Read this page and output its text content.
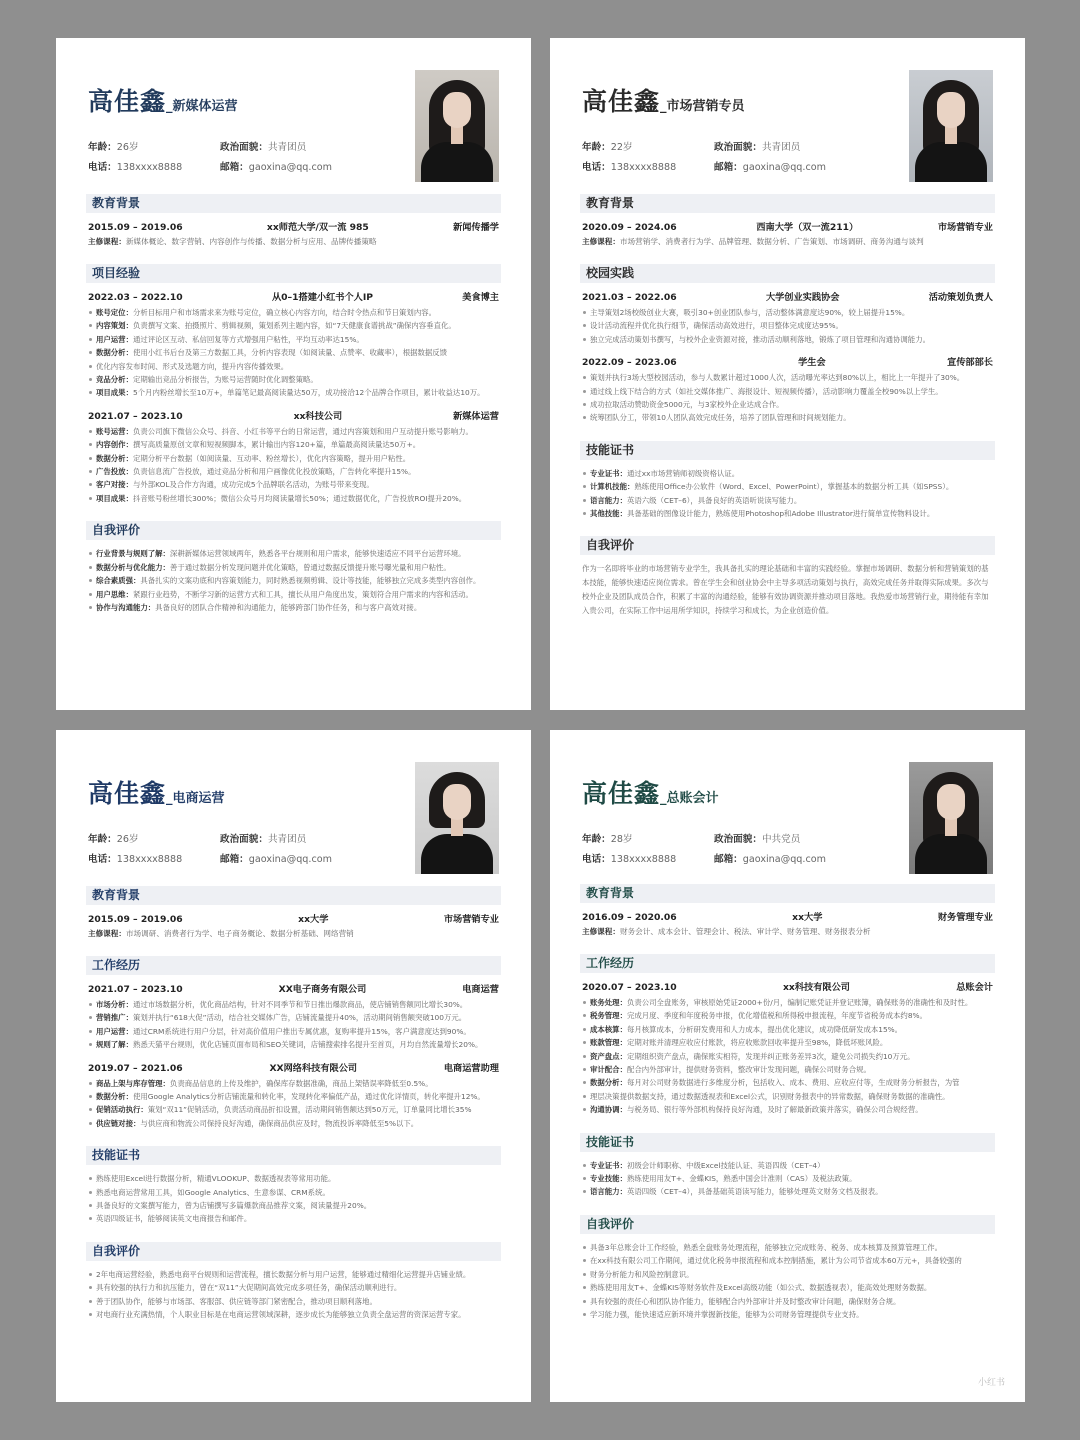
高佳鑫_新媒体运营
年龄：26岁	政治面貌：共青团员
电话：138xxxx8888	邮箱：gaoxina@qq.com
教育背景
2015.09 – 2019.06	xx师范大学/双一流 985	新闻传播学
主修课程：新媒体概论、数字营销、内容创作与传播、数据分析与应用、品牌传播策略
项目经验
2022.03 – 2022.10	从0–1搭建小红书个人IP	美食博主
账号定位：分析目标用户和市场需求来为账号定位，确立核心内容方向，结合时令热点和节日策划内容。
内容策划：负责撰写文案、拍摄照片、剪辑视频，策划系列主题内容，如“7天健康食谱挑战”确保内容垂直化。
用户运营：通过评论区互动、私信回复等方式增强用户粘性，平均互动率达15%。
数据分析：使用小红书后台及第三方数据工具，分析内容表现（如阅读量、点赞率、收藏率），根据数据反馈
优化内容发布时间、形式及选题方向，提升内容传播效果。
竞品分析：定期输出竞品分析报告，为账号运营随时优化调整策略。
项目成果：5个月内粉丝增长至10万+，单篇笔记最高阅读量达50万，成功接洽12个品牌合作项目，累计收益达10万。
2021.07 – 2023.10	xx科技公司	新媒体运营
账号运营：负责公司旗下微信公众号、抖音、小红书等平台的日常运营，通过内容策划和用户互动提升账号影响力。
内容创作：撰写高质量原创文章和短视频脚本，累计输出内容120+篇，单篇最高阅读量达50万+。
数据分析：定期分析平台数据（如阅读量、互动率、粉丝增长），优化内容策略，提升用户粘性。
广告投放：负责信息流广告投放，通过竞品分析和用户画像优化投放策略，广告转化率提升15%。
客户对接：与外部KOL及合作方沟通，成功完成5个品牌联名活动，为账号带来变现。
项目成果：抖音账号粉丝增长300%；微信公众号月均阅读量增长50%；通过数据优化，广告投放ROI提升20%。
自我评价
行业背景与规则了解：深耕新媒体运营领域两年，熟悉各平台规则和用户需求，能够快速适应不同平台运营环境。
数据分析与优化能力：善于通过数据分析发现问题并优化策略，曾通过数据反馈提升账号曝光量和用户粘性。
综合素质强：具备扎实的文案功底和内容策划能力，同时熟悉视频剪辑、设计等技能，能够独立完成多类型内容创作。
用户思维：紧跟行业趋势，不断学习新的运营方式和工具，擅长从用户角度出发，策划符合用户需求的内容和活动。
协作与沟通能力：具备良好的团队合作精神和沟通能力，能够跨部门协作任务，和与客户高效对接。
高佳鑫_市场营销专员
年龄：22岁	政治面貌：共青团员
电话：138xxxx8888	邮箱：gaoxina@qq.com
教育背景
2020.09 – 2024.06	西南大学（双一流211）	市场营销专业
主修课程：市场营销学、消费者行为学、品牌管理、数据分析、广告策划、市场调研、商务沟通与谈判
校园实践
2021.03 – 2022.06	大学创业实践协会	活动策划负责人
主导策划2场校级创业大赛，吸引30+创业团队参与，活动整体满意度达90%，较上届提升15%。
设计活动流程并优化执行细节，确保活动高效进行，项目整体完成度达95%。
独立完成活动策划书撰写，与校外企业资源对接，推动活动顺利落地，锻炼了项目管理和沟通协调能力。
2022.09 – 2023.06	学生会	宣传部部长
策划并执行3场大型校园活动，参与人数累计超过1000人次，活动曝光率达到80%以上，相比上一年提升了30%。
通过线上线下结合的方式（如社交媒体推广、海报设计、短视频传播），活动影响力覆盖全校90%以上学生。
成功拉取活动赞助资金5000元，与3家校外企业达成合作。
统筹团队分工，带领10人团队高效完成任务，培养了团队管理和时间规划能力。
技能证书
专业证书：通过xx市场营销师初级资格认证。
计算机技能：熟练使用Office办公软件（Word、Excel、PowerPoint），掌握基本的数据分析工具（如SPSS）。
语言能力：英语六级（CET–6），具备良好的英语听说读写能力。
其他技能：具备基础的图像设计能力，熟练使用Photoshop和Adobe Illustrator进行简单宣传物料设计。
自我评价
作为一名即将毕业的市场营销专业学生，我具备扎实的理论基础和丰富的实践经验。掌握市场调研、数据分析和营销策划的基本技能，能够快速适应岗位需求。曾在学生会和创业协会中主导多项活动策划与执行，高效完成任务并取得实际成果。多次与校外企业及团队成员合作，积累了丰富的沟通经验，能够有效协调资源并推动项目落地。我热爱市场营销行业，期待能有幸加入贵公司，在实际工作中运用所学知识，持续学习和成长，为企业创造价值。
高佳鑫_电商运营
年龄：26岁	政治面貌：共青团员
电话：138xxxx8888	邮箱：gaoxina@qq.com
教育背景
2015.09 – 2019.06	xx大学	市场营销专业
主修课程：市场调研、消费者行为学、电子商务概论、数据分析基础、网络营销
工作经历
2021.07 – 2023.10	XX电子商务有限公司	电商运营
市场分析：通过市场数据分析，优化商品结构，针对不同季节和节日推出爆款商品，使店铺销售额同比增长30%。
营销推广：策划并执行“618大促”活动，结合社交媒体广告，店铺流量提升40%，活动期间销售额突破100万元。
用户运营：通过CRM系统进行用户分层，针对高价值用户推出专属优惠，复购率提升15%，客户满意度达到90%。
规则了解：熟悉天猫平台规则，优化店铺页面布局和SEO关键词，店铺搜索排名提升至首页，月均自然流量增长20%。
2019.07 – 2021.06	XX网络科技有限公司	电商运营助理
商品上架与库存管理：负责商品信息的上传及维护，确保库存数据准确，商品上架错误率降低至0.5%。
数据分析：使用Google Analytics分析店铺流量和转化率，发现转化率偏低产品，通过优化详情页，转化率提升12%。
促销活动执行：策划“双11”促销活动，负责活动商品折扣设置，活动期间销售额达到50万元，订单量同比增长35%
供应链对接：与供应商和物流公司保持良好沟通，确保商品供应及时，物流投诉率降低至5%以下。
技能证书
熟练使用Excel进行数据分析，精通VLOOKUP、数据透视表等常用功能。
熟悉电商运营常用工具，如Google Analytics、生意参谋、CRM系统。
具备良好的文案撰写能力，曾为店铺撰写多篇爆款商品推荐文案，阅读量提升20%。
英语四级证书，能够阅读英文电商报告和邮件。
自我评价
2年电商运营经验，熟悉电商平台规则和运营流程，擅长数据分析与用户运营，能够通过精细化运营提升店铺业绩。
具有较强的执行力和抗压能力，曾在“双11”大促期间高效完成多项任务，确保活动顺利进行。
善于团队协作，能够与市场部、客服部、供应链等部门紧密配合，推动项目顺利落地。
对电商行业充满热情，个人职业目标是在电商运营领域深耕，逐步成长为能够独立负责全盘运营的资深运营专家。
高佳鑫_总账会计
年龄：28岁	政治面貌：中共党员
电话：138xxxx8888	邮箱：gaoxina@qq.com
教育背景
2016.09 – 2020.06	xx大学	财务管理专业
主修课程：财务会计、成本会计、管理会计、税法、审计学、财务管理、财务报表分析
工作经历
2020.07 – 2023.10	xx科技有限公司	总账会计
账务处理：负责公司全盘账务，审核原始凭证2000+份/月，编制记账凭证并登记账簿，确保账务的准确性和及时性。
税务管理：完成月度、季度和年度税务申报，优化增值税和所得税申报流程，年度节省税务成本约8%。
成本核算：每月核算成本，分析研发费用和人力成本，提出优化建议，成功降低研发成本15%。
账款管理：定期对账并清理应收应付账款，将应收账款回收率提升至98%，降低坏账风险。
资产盘点：定期组织资产盘点，确保账实相符，发现并纠正账务差异3次，避免公司损失约10万元。
审计配合：配合内外部审计，提供财务资料，整改审计发现问题，确保公司财务合规。
数据分析：每月对公司财务数据进行多维度分析，包括收入、成本、费用、应收应付等，生成财务分析报告，为管
理层决策提供数据支持，通过数据透视表和Excel公式，识别财务报表中的异常数据，确保财务数据的准确性。
沟通协调：与税务局、银行等外部机构保持良好沟通，及时了解最新政策并落实，确保公司合规经营。
技能证书
专业证书：初级会计师职称、中级Excel技能认证、英语四级（CET–4）
专业技能：熟练使用用友T+、金蝶KIS，熟悉中国会计准则（CAS）及税法政策。
语言能力：英语四级（CET–4），具备基础英语读写能力，能够处理英文财务文档及报表。
自我评价
具备3年总账会计工作经验，熟悉全盘账务处理流程，能够独立完成账务、税务、成本核算及预算管理工作。
在xx科技有限公司工作期间，通过优化税务申报流程和成本控制措施，累计为公司节省成本60万元+，具备较强的
财务分析能力和风险控制意识。
熟练使用用友T+、金蝶KIS等财务软件及Excel高级功能（如公式、数据透视表），能高效处理财务数据。
具有较强的责任心和团队协作能力，能够配合内外部审计并及时整改审计问题，确保财务合规。
学习能力强，能快速适应新环境并掌握新技能，能够为公司财务管理提供专业支持。
小红书
